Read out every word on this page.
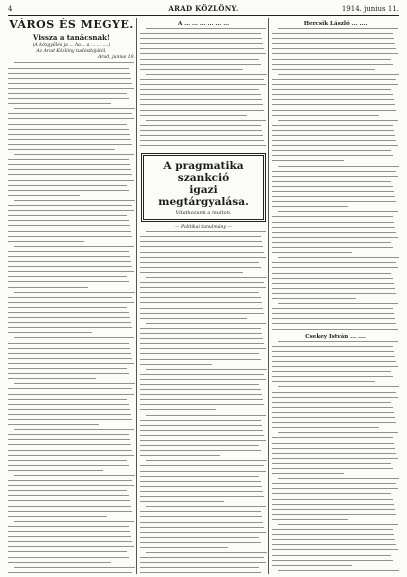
4	ARAD KÖZLÖNY.	1914. junius 11.
VÁROS ÉS MEGYE.
Vissza a tanácsnak!
(A közgyűlés ja ... ha... a ... ... ....)
Az Arad Közlöny tudósítójától.
Arad, junius 10.
A ... ... ... ... ... ...
A pragmatika szankció
igazi megtárgyalása.
Vitatkozunk a multon.
— Politikai tanulmány —
Hercsik László ... ....
Csekey István ... ....
